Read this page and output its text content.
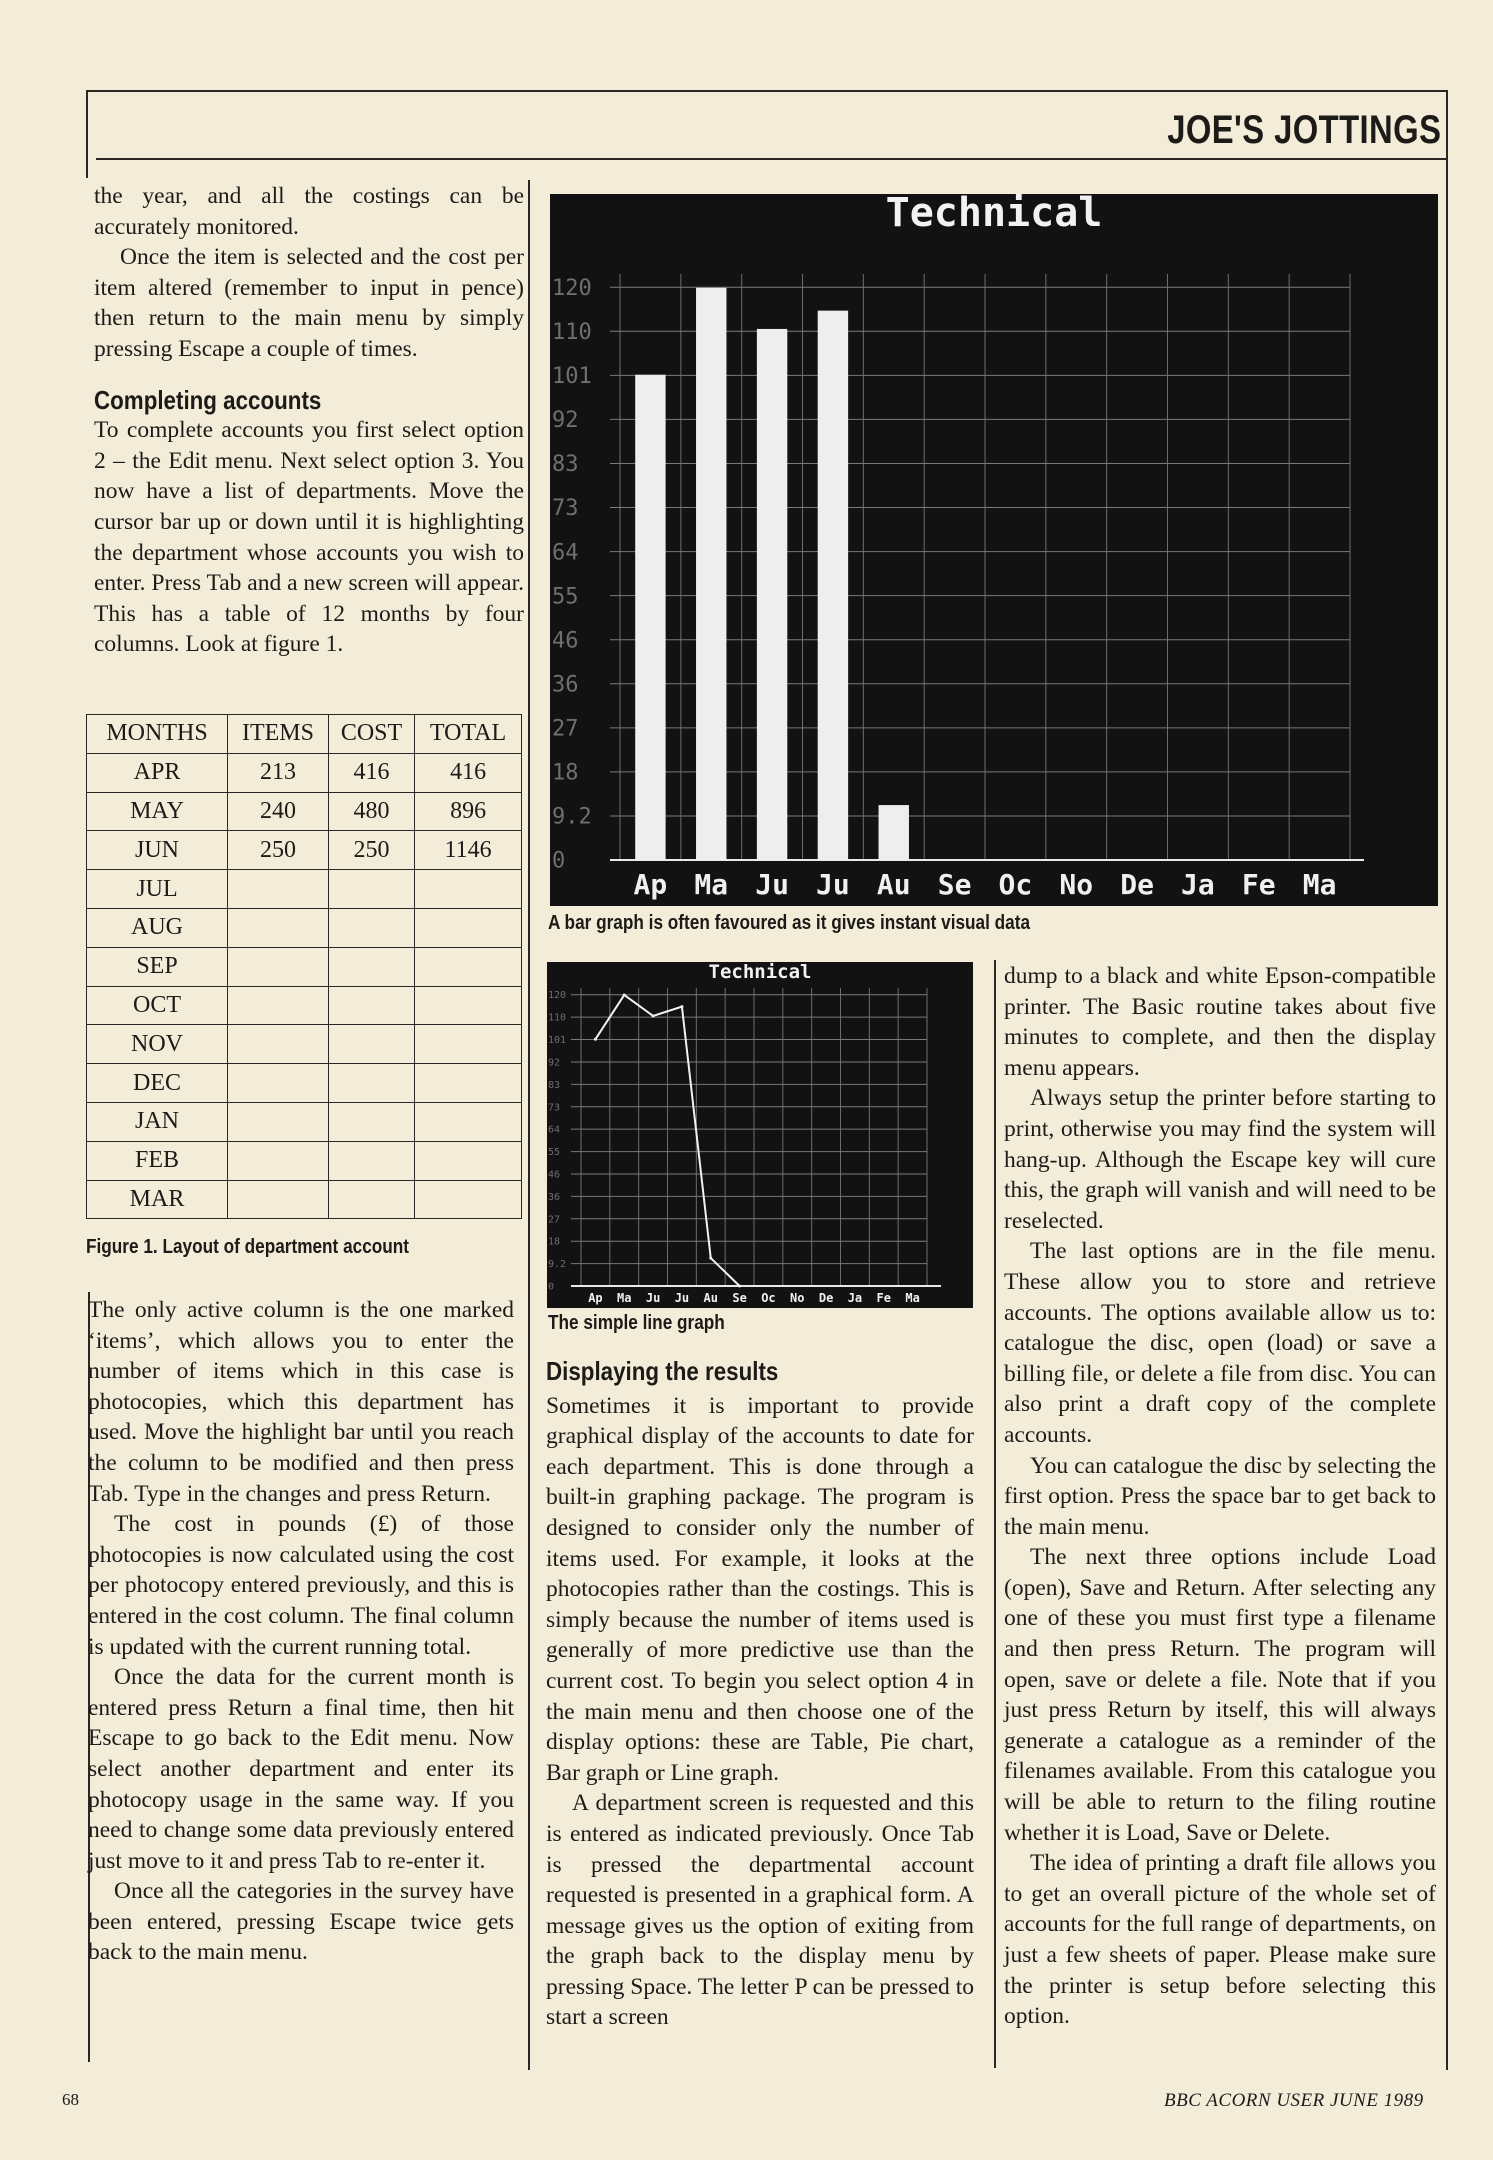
JOE'S JOTTINGS

the year, and all the costings can be accurately monitored.

Once the item is selected and the cost per item altered (remember to input in pence) then return to the main menu by simply pressing Escape a couple of times.

Completing accounts

To complete accounts you first select option 2 – the Edit menu. Next select option 3. You now have a list of departments. Move the cursor bar up or down until it is highlighting the department whose accounts you wish to enter. Press Tab and a new screen will appear. This has a table of 12 months by four columns. Look at figure 1.

MONTHS	ITEMS	COST	TOTAL
APR	213	416	416
MAY	240	480	896
JUN	250	250	1146
JUL			
AUG			
SEP			
OCT			
NOV			
DEC			
JAN			
FEB			
MAR			
Figure 1. Layout of department account

The only active column is the one marked ‘items’, which allows you to enter the number of items which in this case is photocopies, which this department has used. Move the highlight bar until you reach the column to be modified and then press Tab. Type in the changes and press Return.

The cost in pounds (£) of those photocopies is now calculated using the cost per photocopy entered previously, and this is entered in the cost column. The final column is updated with the current running total.

Once the data for the current month is entered press Return a final time, then hit Escape to go back to the Edit menu. Now select another department and enter its photocopy usage in the same way. If you need to change some data previously entered just move to it and press Tab to re-enter it.

Once all the categories in the survey have been entered, pressing Escape twice gets back to the main menu.

Technical
0
9.2
18
27
36
46
55
64
73
83
92
101
110
120
Ap Ma Ju Ju Au Se Oc No De Ja Fe Ma
A bar graph is often favoured as it gives instant visual data
Technical
0
9.2
18
27
36
46
55
64
73
83
92
101
110
120
Ap Ma Ju Ju Au Se Oc No De Ja Fe Ma
The simple line graph
Displaying the results

Sometimes it is important to provide graphical display of the accounts to date for each department. This is done through a built-in graphing package. The program is designed to consider only the number of items used. For example, it looks at the photocopies rather than the costings. This is simply because the number of items used is generally of more predictive use than the current cost. To begin you select option 4 in the main menu and then choose one of the display options: these are Table, Pie chart, Bar graph or Line graph.

A department screen is requested and this is entered as indicated previously. Once Tab is pressed the departmental account requested is presented in a graphical form. A message gives us the option of exiting from the graph back to the display menu by pressing Space. The letter P can be pressed to start a screen

dump to a black and white Epson-compatible printer. The Basic routine takes about five minutes to complete, and then the display menu appears.

Always setup the printer before starting to print, otherwise you may find the system will hang-up. Although the Escape key will cure this, the graph will vanish and will need to be reselected.

The last options are in the file menu. These allow you to store and retrieve accounts. The options available allow us to: catalogue the disc, open (load) or save a billing file, or delete a file from disc. You can also print a draft copy of the complete accounts.

You can catalogue the disc by selecting the first option. Press the space bar to get back to the main menu.

The next three options include Load (open), Save and Return. After selecting any one of these you must first type a filename and then press Return. The program will open, save or delete a file. Note that if you just press Return by itself, this will always generate a catalogue as a reminder of the filenames available. From this catalogue you will be able to return to the filing routine whether it is Load, Save or Delete.

The idea of printing a draft file allows you to get an overall picture of the whole set of accounts for the full range of departments, on just a few sheets of paper. Please make sure the printer is setup before selecting this option.

68	BBC ACORN USER JUNE 1989
